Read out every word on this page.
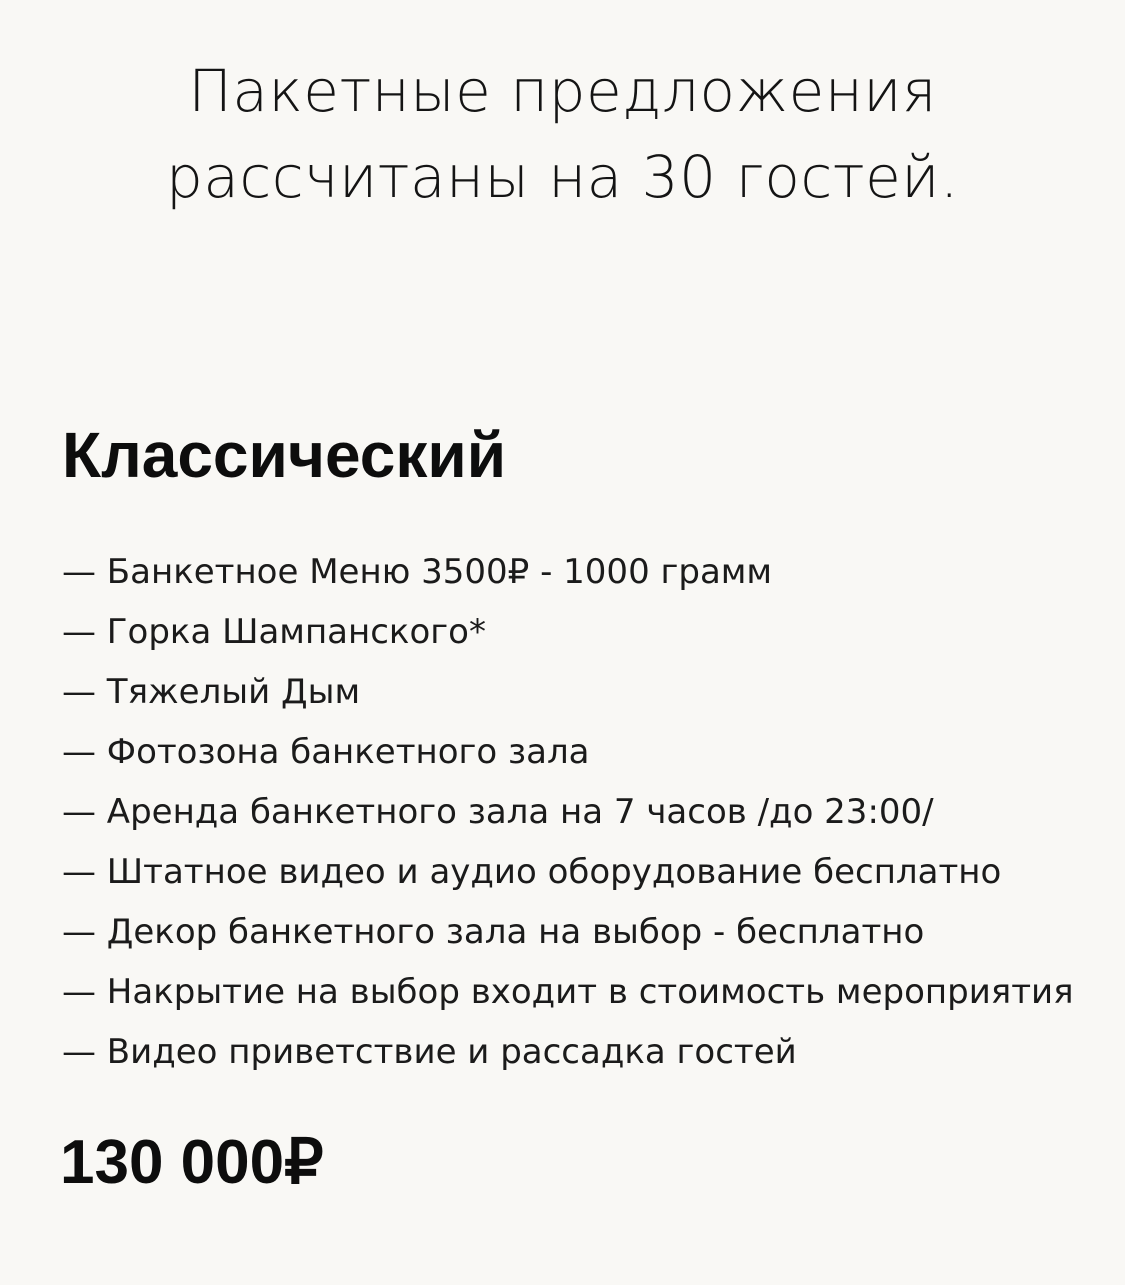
Пакетные предложения
рассчитаны на 30 гостей.
Классический
— Банкетное Меню 3500₽ - 1000 грамм
— Горка Шампанского*
— Тяжелый Дым
— Фотозона банкетного зала
— Аренда банкетного зала на 7 часов /до 23:00/
— Штатное видео и аудио оборудование бесплатно
— Декор банкетного зала на выбор - бесплатно
— Накрытие на выбор входит в стоимость мероприятия
— Видео приветствие и рассадка гостей
130 000₽
